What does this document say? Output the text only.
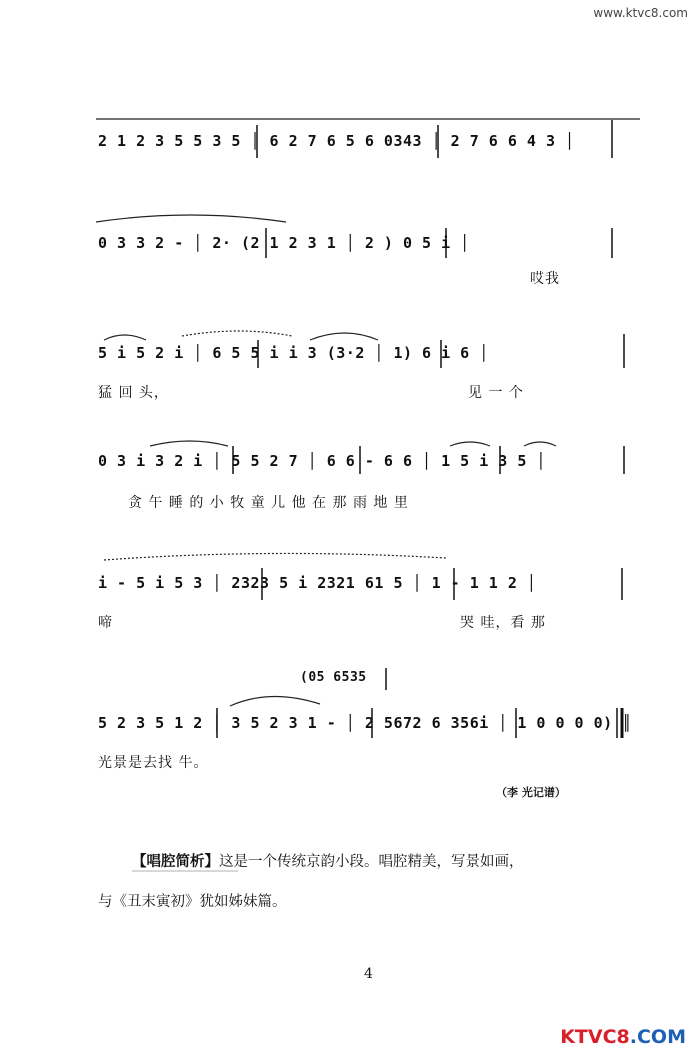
www.ktvc8.com
2 1 2 3 5 5 3 5 │ 6 2 7 6 5 6 0343 │ 2 7 6 6 4 3 │
0 3 3 2 - │ 2· (2 1 2 3 1 │ 2 ) 0 5 i │
哎我
5 i 5 2 i │ 6 5 5 i i 3 (3·2 │ 1) 6 i 6 │
猛 回 头，	见 一 个
0 3 i 3 2 i │ 5 5 2 7 │ 6 6 - 6 6 │ 1 5 i 3 5 │
贪 午 睡 的 小 牧 童 儿 他 在 那 雨 地 里
i - 5 i 5 3 │ 2323 5 i 2321 61 5 │ 1 - 1 1 2 │
啼	哭 哇，看 那
(05 6535
5 2 3 5 1 2 │ 3 5 2 3 1 - │ 2 5672 6 356i │ 1 0 0 0 0) ║
光景是去找 牛。
（李 光记谱）
【唱腔简析】这是一个传统京韵小段。唱腔精美，写景如画，
与《丑末寅初》犹如姊妹篇。
4
KTVC8.COM
